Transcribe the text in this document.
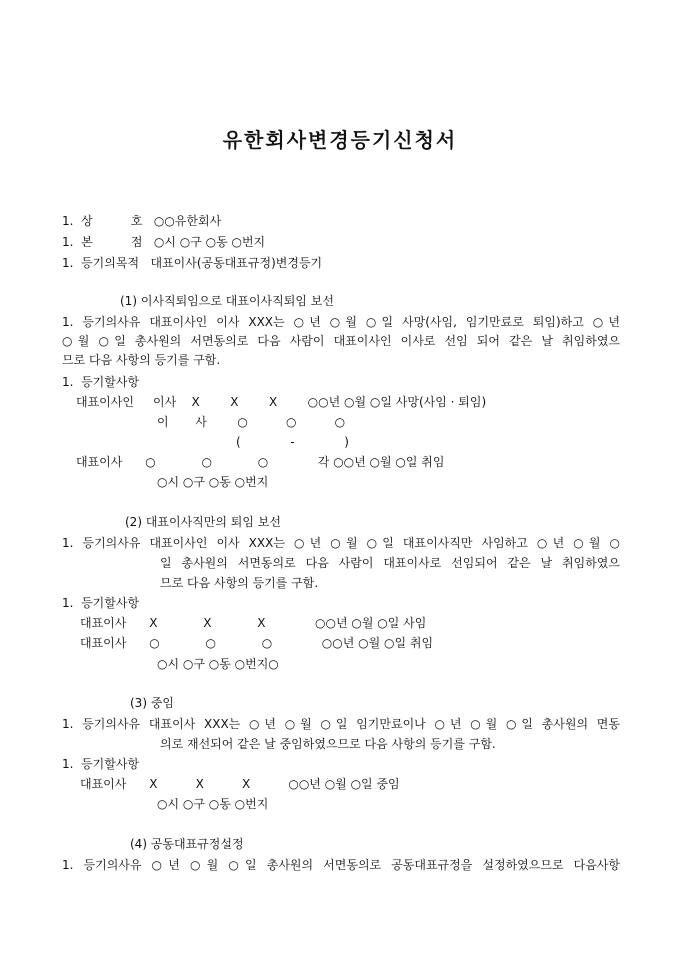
유한회사변경등기신청서
1.  상          호   ○○유한회사
1.  본          점   ○시 ○구 ○동 ○번지
1.  등기의목적   대표이사(공동대표규정)변경등기
(1) 이사직퇴임으로 대표이사직퇴임 보선
1. 등기의사유 대표이사인 이사 XXX는 ○년 ○월 ○일 사망(사임, 임기만료로 퇴임)하고 ○년
○월 ○일 총사원의 서면동의로 다음 사람이 대표이사인 이사로 선임 되어 같은 날 취임하였으
므로 다음 사항의 등기를 구함.
1.  등기할사항
대표이사인     이사    X        X        X        ○○년 ○월 ○일 사망(사임 · 퇴임)
이       사        ○          ○          ○
(             -             )
대표이사      ○            ○            ○             각 ○○년 ○월 ○일 취임
○시 ○구 ○동 ○번지
(2) 대표이사직만의 퇴임 보선
1. 등기의사유 대표이사인 이사 XXX는 ○년 ○월 ○일 대표이사직만 사임하고 ○년 ○월 ○
일 총사원의 서면동의로 다음 사람이 대표이사로 선임되어 같은 날 취임하였으
므로 다음 사항의 등기를 구함.
1.  등기할사항
대표이사      X            X            X             ○○년 ○월 ○일 사임
대표이사      ○            ○            ○             ○○년 ○월 ○일 취임
○시 ○구 ○동 ○번지○
(3) 중임
1. 등기의사유 대표이사 XXX는 ○년 ○월 ○일 임기만료이나 ○년 ○월 ○일 총사원의 면동
의로 재선되어 같은 날 중임하였으므로 다음 사항의 등기를 구함.
1.  등기할사항
대표이사      X          X          X          ○○년 ○월 ○일 중임
○시 ○구 ○동 ○번지
(4) 공동대표규정설정
1. 등기의사유 ○년 ○월 ○일 총사원의 서면동의로 공동대표규정을 설정하였으므로 다음사항
